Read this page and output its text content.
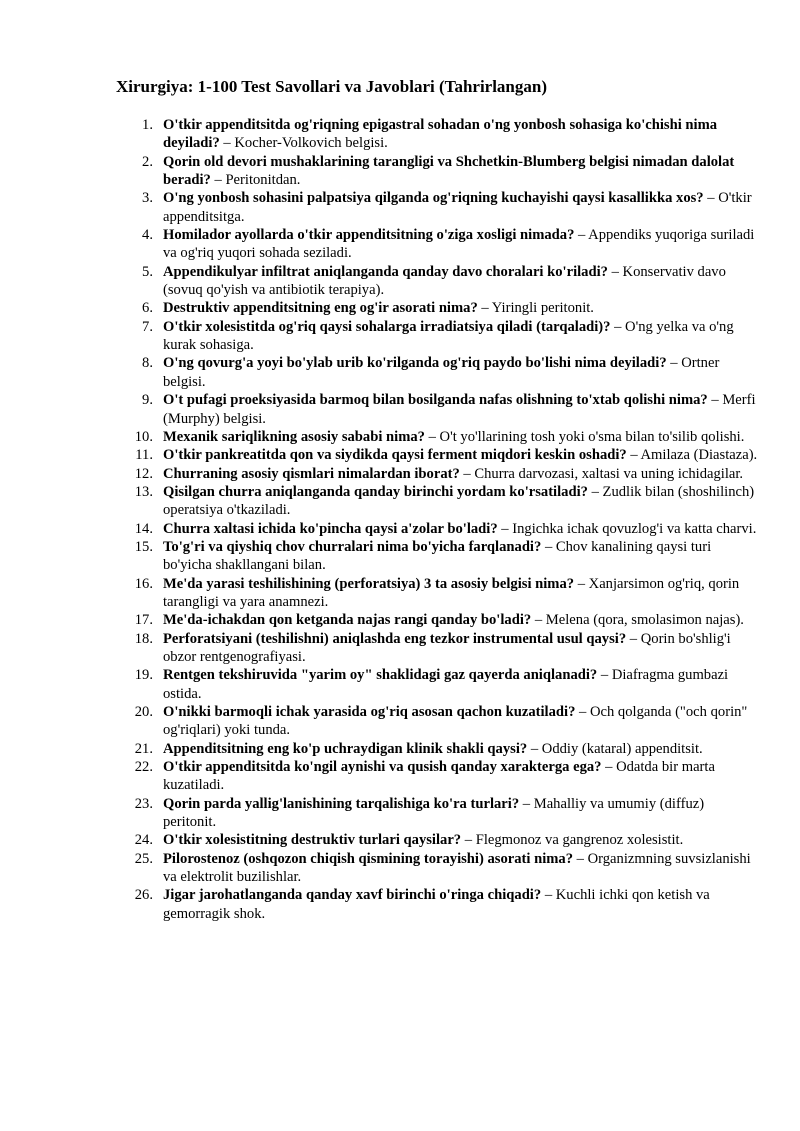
Xirurgiya: 1-100 Test Savollari va Javoblari (Tahrirlangan)
1. O'tkir appenditsitda og'riqning epigastral sohadan o'ng yonbosh sohasiga ko'chishi nima deyiladi? – Kocher-Volkovich belgisi.
2. Qorin old devori mushaklarining tarangligi va Shchetkin-Blumberg belgisi nimadan dalolat beradi? – Peritonitdan.
3. O'ng yonbosh sohasini palpatsiya qilganda og'riqning kuchayishi qaysi kasallikka xos? – O'tkir appenditsitga.
4. Homilador ayollarda o'tkir appenditsitning o'ziga xosligi nimada? – Appendiks yuqoriga suriladi va og'riq yuqori sohada seziladi.
5. Appendikulyar infiltrat aniqlanganda qanday davo choralari ko'riladi? – Konservativ davo (sovuq qo'yish va antibiotik terapiya).
6. Destruktiv appenditsitning eng og'ir asorati nima? – Yiringli peritonit.
7. O'tkir xolesistitda og'riq qaysi sohalarga irradiatsiya qiladi (tarqaladi)? – O'ng yelka va o'ng kurak sohasiga.
8. O'ng qovurg'a yoyi bo'ylab urib ko'rilganda og'riq paydo bo'lishi nima deyiladi? – Ortner belgisi.
9. O't pufagi proeksiyasida barmoq bilan bosilganda nafas olishning to'xtab qolishi nima? – Merfi (Murphy) belgisi.
10. Mexanik sariqlikning asosiy sababi nima? – O't yo'llarining tosh yoki o'sma bilan to'silib qolishi.
11. O'tkir pankreatitda qon va siydikda qaysi ferment miqdori keskin oshadi? – Amilaza (Diastaza).
12. Churraning asosiy qismlari nimalardan iborat? – Churra darvozasi, xaltasi va uning ichidagilar.
13. Qisilgan churra aniqlanganda qanday birinchi yordam ko'rsatiladi? – Zudlik bilan (shoshilinch) operatsiya o'tkaziladi.
14. Churra xaltasi ichida ko'pincha qaysi a'zolar bo'ladi? – Ingichka ichak qovuzlog'i va katta charvi.
15. To'g'ri va qiyshiq chov churralari nima bo'yicha farqlanadi? – Chov kanalining qaysi turi bo'yicha shakllangani bilan.
16. Me'da yarasi teshilishining (perforatsiya) 3 ta asosiy belgisi nima? – Xanjarsimon og'riq, qorin tarangligi va yara anamnezi.
17. Me'da-ichakdan qon ketganda najas rangi qanday bo'ladi? – Melena (qora, smolasimon najas).
18. Perforatsiyani (teshilishni) aniqlashda eng tezkor instrumental usul qaysi? – Qorin bo'shlig'i obzor rentgenografiyasi.
19. Rentgen tekshiruvida "yarim oy" shaklidagi gaz qayerda aniqlanadi? – Diafragma gumbazi ostida.
20. O'nikki barmoqli ichak yarasida og'riq asosan qachon kuzatiladi? – Och qolganda ("och qorin" og'riqlari) yoki tunda.
21. Appenditsitning eng ko'p uchraydigan klinik shakli qaysi? – Oddiy (kataral) appenditsit.
22. O'tkir appenditsitda ko'ngil aynishi va qusish qanday xarakterga ega? – Odatda bir marta kuzatiladi.
23. Qorin parda yallig'lanishining tarqalishiga ko'ra turlari? – Mahalliy va umumiy (diffuz) peritonit.
24. O'tkir xolesistitning destruktiv turlari qaysilar? – Flegmonoz va gangrenoz xolesistit.
25. Pilorostenoz (oshqozon chiqish qismining torayishi) asorati nima? – Organizmning suvsizlanishi va elektrolit buzilishlar.
26. Jigar jarohatlanganda qanday xavf birinchi o'ringa chiqadi? – Kuchli ichki qon ketish va gemorragik shok.
